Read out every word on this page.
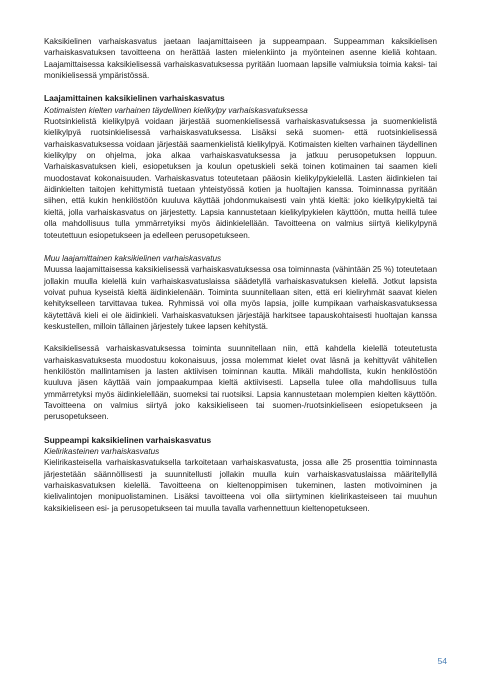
Kaksikielinen varhaiskasvatus jaetaan laajamittaiseen ja suppeampaan. Suppeamman kaksikielisen varhaiskasvatuksen tavoitteena on herättää lasten mielenkiinto ja myönteinen asenne kieliä kohtaan. Laajamittaisessa kaksikielisessä varhaiskasvatuksessa pyritään luomaan lapsille valmiuksia toimia kaksi- tai monikielisessä ympäristössä.

Laajamittainen kaksikielinen varhaiskasvatus
Kotimaisten kielten varhainen täydellinen kielikylpy varhaiskasvatuksessa

Ruotsinkielistä kielikylpyä voidaan järjestää suomenkielisessä varhaiskasvatuksessa ja suomenkielistä kielikylpyä ruotsinkielisessä varhaiskasvatuksessa. Lisäksi sekä suomen- että ruotsinkielisessä varhaiskasvatuksessa voidaan järjestää saamenkielistä kielikylpyä. Kotimaisten kielten varhainen täydellinen kielikylpy on ohjelma, joka alkaa varhaiskasvatuksessa ja jatkuu perusopetuksen loppuun. Varhaiskasvatuksen kieli, esiopetuksen ja koulun opetuskieli sekä toinen kotimainen tai saamen kieli muodostavat kokonaisuuden. Varhaiskasvatus toteutetaan pääosin kielikylpykielellä. Lasten äidinkielen tai äidinkielten taitojen kehittymistä tuetaan yhteistyössä kotien ja huoltajien kanssa. Toiminnassa pyritään siihen, että kukin henkilöstöön kuuluva käyttää johdonmukaisesti vain yhtä kieltä: joko kielikylpykieltä tai kieltä, jolla varhaiskasvatus on järjestetty. Lapsia kannustetaan kielikylpykielen käyttöön, mutta heillä tulee olla mahdollisuus tulla ymmärretyiksi myös äidinkielellään. Tavoitteena on valmius siirtyä kielikylpynä toteutettuun esiopetukseen ja edelleen perusopetukseen.

Muu laajamittainen kaksikielinen varhaiskasvatus

Muussa laajamittaisessa kaksikielisessä varhaiskasvatuksessa osa toiminnasta (vähintään 25 %) toteutetaan jollakin muulla kielellä kuin varhaiskasvatuslaissa säädetyllä varhaiskasvatuksen kielellä. Jotkut lapsista voivat puhua kyseistä kieltä äidinkielenään. Toiminta suunnitellaan siten, että eri kieliryhmät saavat kielen kehitykselleen tarvittavaa tukea. Ryhmissä voi olla myös lapsia, joille kumpikaan varhaiskasvatuksessa käytettävä kieli ei ole äidinkieli. Varhaiskasvatuksen järjestäjä harkitsee tapauskohtaisesti huoltajan kanssa keskustellen, milloin tällainen järjestely tukee lapsen kehitystä.

Kaksikielisessä varhaiskasvatuksessa toiminta suunnitellaan niin, että kahdella kielellä toteutetusta varhaiskasvatuksesta muodostuu kokonaisuus, jossa molemmat kielet ovat läsnä ja kehittyvät vähitellen henkilöstön mallintamisen ja lasten aktiivisen toiminnan kautta. Mikäli mahdollista, kukin henkilöstöön kuuluva jäsen käyttää vain jompaakumpaa kieltä aktiivisesti. Lapsella tulee olla mahdollisuus tulla ymmärretyksi myös äidinkielellään, suomeksi tai ruotsiksi. Lapsia kannustetaan molempien kielten käyttöön. Tavoitteena on valmius siirtyä joko kaksikieliseen tai suomen-/ruotsinkieliseen esiopetukseen ja perusopetukseen.

Suppeampi kaksikielinen varhaiskasvatus
Kielirikasteinen varhaiskasvatus

Kielirikasteisella varhaiskasvatuksella tarkoitetaan varhaiskasvatusta, jossa alle 25 prosenttia toiminnasta järjestetään säännöllisesti ja suunnitellusti jollakin muulla kuin varhaiskasvatuslaissa määritellyllä varhaiskasvatuksen kielellä. Tavoitteena on kieltenoppimisen tukeminen, lasten motivoiminen ja kielivalintojen monipuolistaminen. Lisäksi tavoitteena voi olla siirtyminen kielirikasteiseen tai muuhun kaksikieliseen esi- ja perusopetukseen tai muulla tavalla varhennettuun kieltenopetukseen.

54
